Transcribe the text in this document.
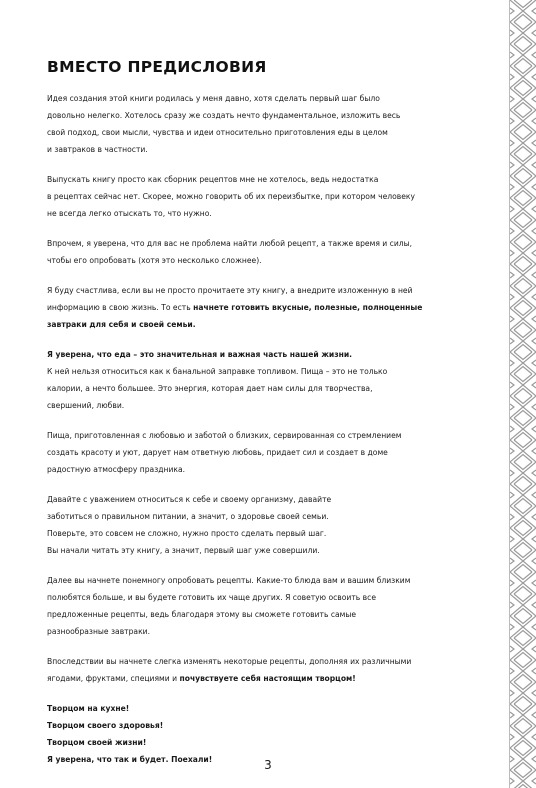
ВМЕСТО ПРЕДИСЛОВИЯ

Идея создания этой книги родилась у меня давно, хотя сделать первый шаг было
довольно нелегко. Хотелось сразу же создать нечто фундаментальное, изложить весь
свой подход, свои мысли, чувства и идеи относительно приготовления еды в целом
и завтраков в частности.

Выпускать книгу просто как сборник рецептов мне не хотелось, ведь недостатка
в рецептах сейчас нет. Скорее, можно говорить об их переизбытке, при котором человеку
не всегда легко отыскать то, что нужно.

Впрочем, я уверена, что для вас не проблема найти любой рецепт, а также время и силы,
чтобы его опробовать (хотя это несколько сложнее).

Я буду счастлива, если вы не просто прочитаете эту книгу, а внедрите изложенную в ней
информацию в свою жизнь. То есть начнете готовить вкусные, полезные, полноценные
завтраки для себя и своей семьи.

Я уверена, что еда – это значительная и важная часть нашей жизни.
К ней нельзя относиться как к банальной заправке топливом. Пища – это не только
калории, а нечто большее. Это энергия, которая дает нам силы для творчества,
свершений, любви.

Пища, приготовленная с любовью и заботой о близких, сервированная со стремлением
создать красоту и уют, дарует нам ответную любовь, придает сил и создает в доме
радостную атмосферу праздника.

Давайте с уважением относиться к себе и своему организму, давайте
заботиться о правильном питании, а значит, о здоровье своей семьи.
Поверьте, это совсем не сложно, нужно просто сделать первый шаг.
Вы начали читать эту книгу, а значит, первый шаг уже совершили.

Далее вы начнете понемногу опробовать рецепты. Какие-то блюда вам и вашим близким
полюбятся больше, и вы будете готовить их чаще других. Я советую освоить все
предложенные рецепты, ведь благодаря этому вы сможете готовить самые
разнообразные завтраки.

Впоследствии вы начнете слегка изменять некоторые рецепты, дополняя их различными
ягодами, фруктами, специями и почувствуете себя настоящим творцом!

Творцом на кухне!
Творцом своего здоровья!
Творцом своей жизни!
Я уверена, что так и будет. Поехали!	3
